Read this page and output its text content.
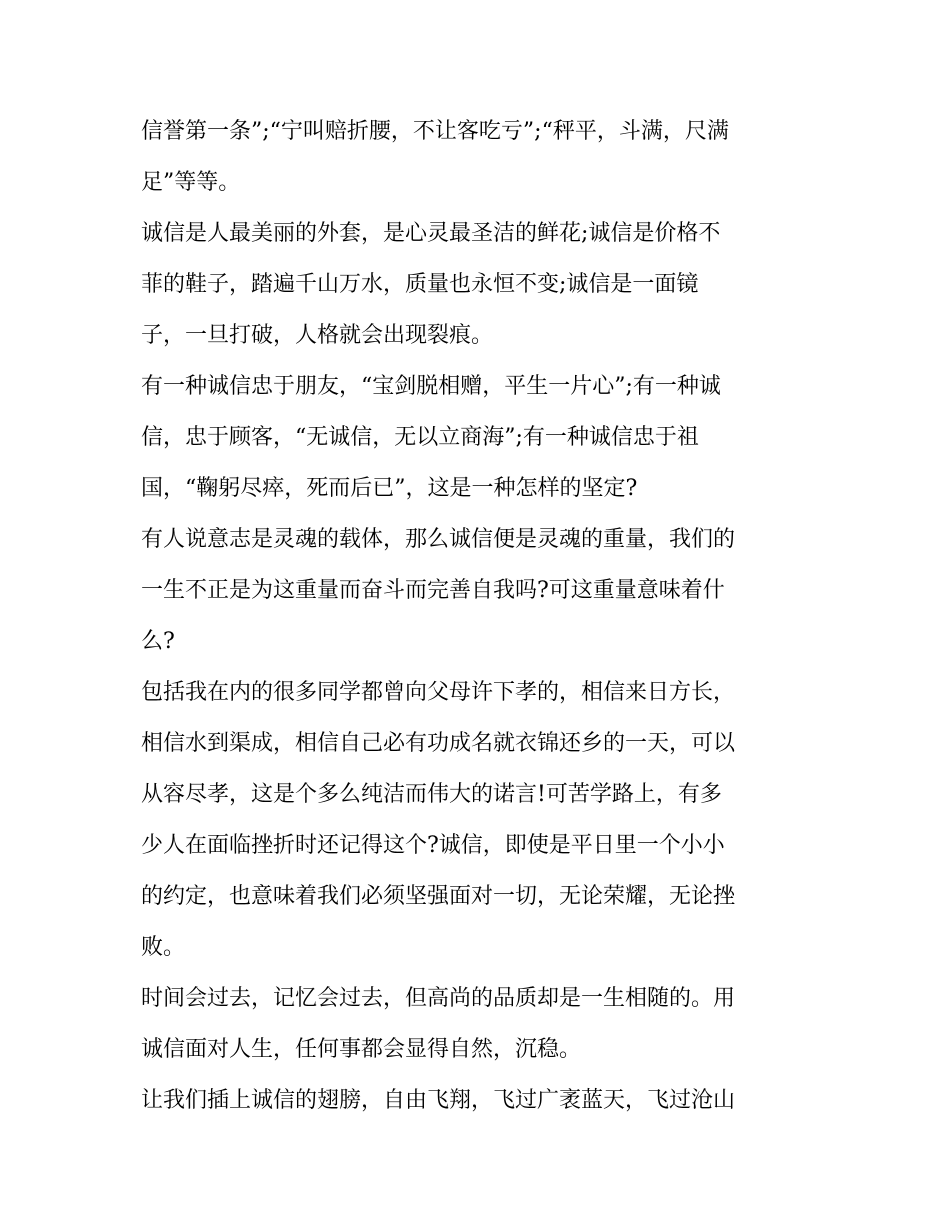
信誉第一条”;“宁叫赔折腰，不让客吃亏”;“秤平，斗满，尺满
足”等等。
诚信是人最美丽的外套，是心灵最圣洁的鲜花;诚信是价格不
菲的鞋子，踏遍千山万水，质量也永恒不变;诚信是一面镜
子，一旦打破，人格就会出现裂痕。
有一种诚信忠于朋友，“宝剑脱相赠，平生一片心”;有一种诚
信，忠于顾客，“无诚信，无以立商海”;有一种诚信忠于祖
国，“鞠躬尽瘁，死而后已”，这是一种怎样的坚定?
有人说意志是灵魂的载体，那么诚信便是灵魂的重量，我们的
一生不正是为这重量而奋斗而完善自我吗?可这重量意味着什
么?
包括我在内的很多同学都曾向父母许下孝的，相信来日方长，
相信水到渠成，相信自己必有功成名就衣锦还乡的一天，可以
从容尽孝，这是个多么纯洁而伟大的诺言!可苦学路上，有多
少人在面临挫折时还记得这个?诚信，即使是平日里一个小小
的约定，也意味着我们必须坚强面对一切，无论荣耀，无论挫
败。
时间会过去，记忆会过去，但高尚的品质却是一生相随的。用
诚信面对人生，任何事都会显得自然，沉稳。
让我们插上诚信的翅膀，自由飞翔，飞过广袤蓝天，飞过沧山
